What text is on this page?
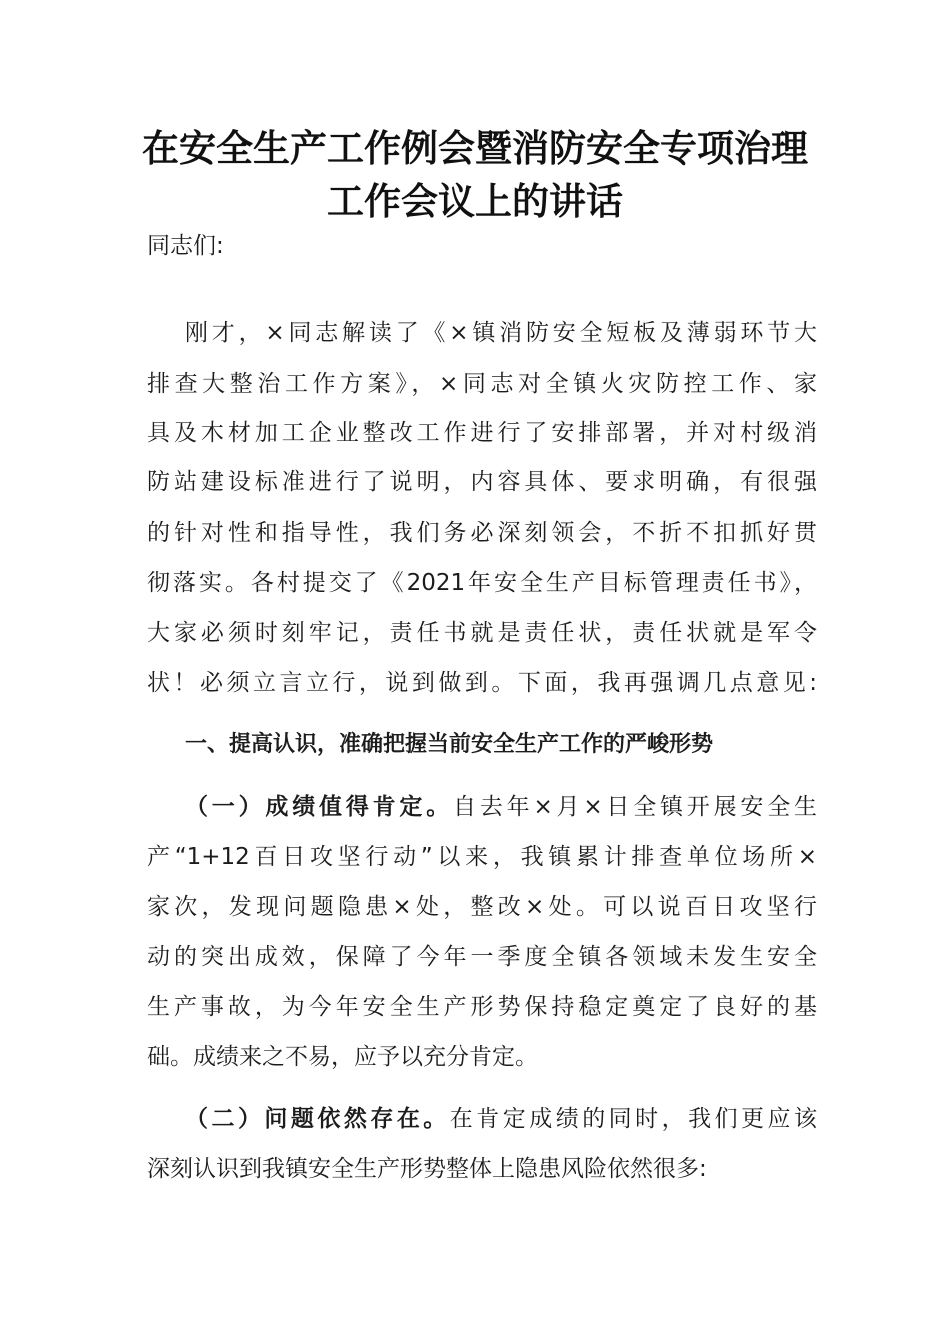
在安全生产工作例会暨消防安全专项治理
工作会议上的讲话
同志们:
刚才，×同志解读了《×镇消防安全短板及薄弱环节大
排查大整治工作方案》，×同志对全镇火灾防控工作、家
具及木材加工企业整改工作进行了安排部署，并对村级消
防站建设标准进行了说明，内容具体、要求明确，有很强
的针对性和指导性，我们务必深刻领会，不折不扣抓好贯
彻落实。各村提交了《2021年安全生产目标管理责任书》，
大家必须时刻牢记，责任书就是责任状，责任状就是军令
状！必须立言立行，说到做到。下面，我再强调几点意见:
一、提高认识，准确把握当前安全生产工作的严峻形势
（一）成绩值得肯定。自去年×月×日全镇开展安全生
产“1+12百日攻坚行动”以来，我镇累计排查单位场所×
家次，发现问题隐患×处，整改×处。可以说百日攻坚行
动的突出成效，保障了今年一季度全镇各领域未发生安全
生产事故，为今年安全生产形势保持稳定奠定了良好的基
础。成绩来之不易，应予以充分肯定。
（二）问题依然存在。在肯定成绩的同时，我们更应该
深刻认识到我镇安全生产形势整体上隐患风险依然很多:
